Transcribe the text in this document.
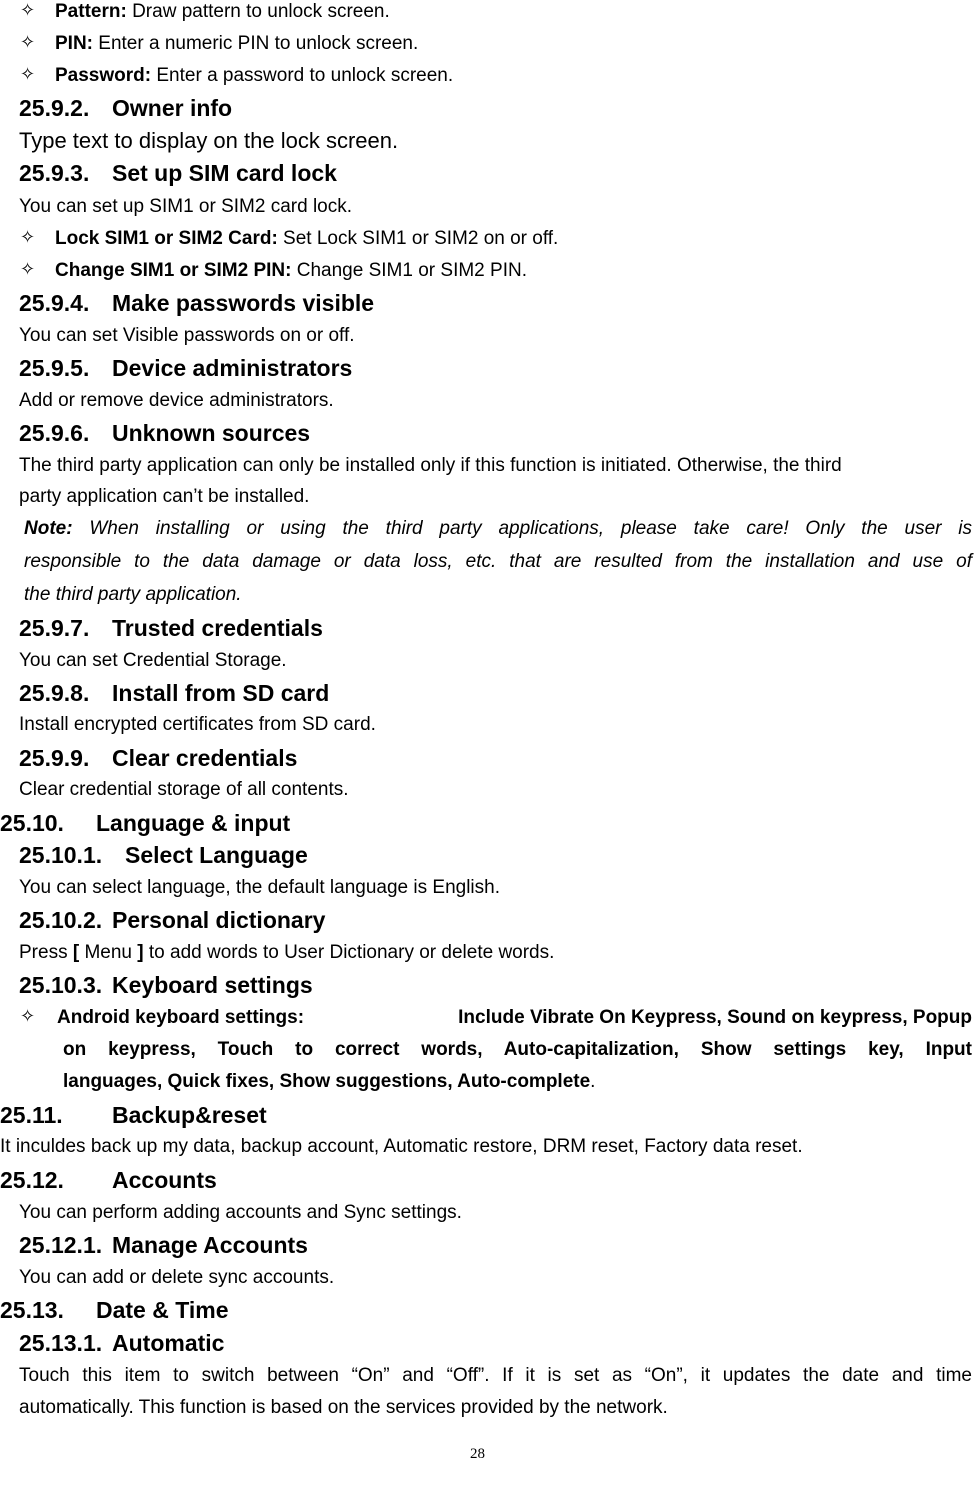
✧ Pattern: Draw pattern to unlock screen.
✧ PIN: Enter a numeric PIN to unlock screen.
✧ Password: Enter a password to unlock screen.
25.9.2. Owner info
Type text to display on the lock screen.
25.9.3. Set up SIM card lock
You can set up SIM1 or SIM2 card lock.
✧ Lock SIM1 or SIM2 Card: Set Lock SIM1 or SIM2 on or off.
✧ Change SIM1 or SIM2 PIN: Change SIM1 or SIM2 PIN.
25.9.4. Make passwords visible
You can set Visible passwords on or off.
25.9.5. Device administrators
Add or remove device administrators.
25.9.6. Unknown sources
The third party application can only be installed only if this function is initiated. Otherwise, the third
party application can’t be installed.
Note: When installing or using the third party applications, please take care! Only the user is
responsible to the data damage or data loss, etc. that are resulted from the installation and use of
the third party application.
25.9.7. Trusted credentials
You can set Credential Storage.
25.9.8. Install from SD card
Install encrypted certificates from SD card.
25.9.9. Clear credentials
Clear credential storage of all contents.
25.10. Language & input
25.10.1. Select Language
You can select language, the default language is English.
25.10.2. Personal dictionary
Press [ Menu ] to add words to User Dictionary or delete words.
25.10.3. Keyboard settings
✧ Android keyboard settings:	Include Vibrate On Keypress, Sound on keypress, Popup
on keypress, Touch to correct words, Auto-capitalization, Show settings key, Input
languages, Quick fixes, Show suggestions, Auto-complete.
25.11. Backup&reset
It inculdes back up my data, backup account, Automatic restore, DRM reset, Factory data reset.
25.12. Accounts
You can perform adding accounts and Sync settings.
25.12.1. Manage Accounts
You can add or delete sync accounts.
25.13. Date & Time
25.13.1. Automatic
Touch this item to switch between “On” and “Off”. If it is set as “On”, it updates the date and time
automatically. This function is based on the services provided by the network.
28
